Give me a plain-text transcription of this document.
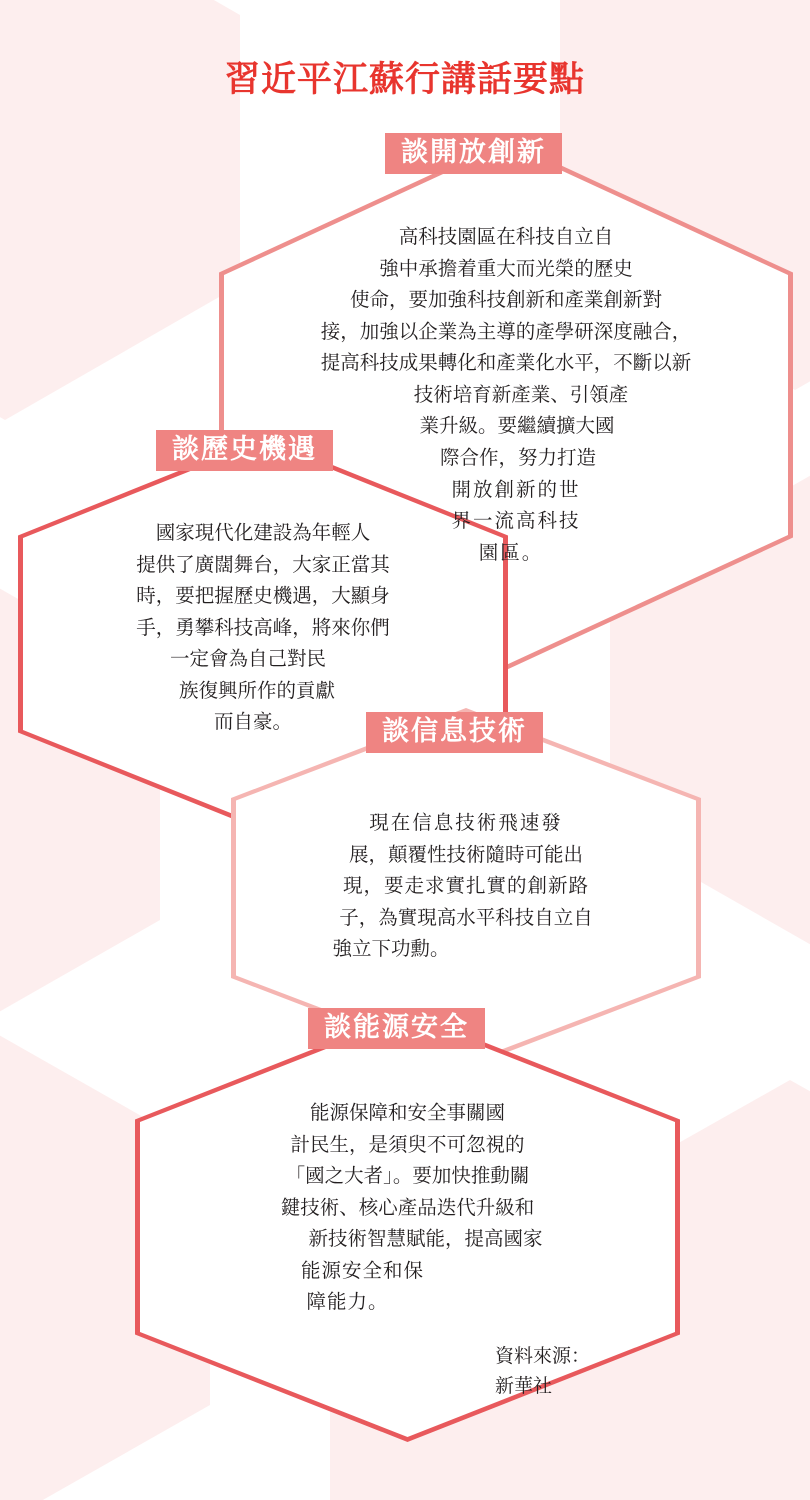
習近平江蘇行講話要點
談開放創新
高科技園區在科技自立自
強中承擔着重大而光榮的歷史
使命，要加強科技創新和產業創新對
接，加強以企業為主導的產學研深度融合，
提高科技成果轉化和產業化水平，不斷以新
技術培育新產業、引領產
業升級。要繼續擴大國
際合作，努力打造
開放創新的世
界一流高科技
園區。
談歷史機遇
國家現代化建設為年輕人
提供了廣闊舞台，大家正當其
時，要把握歷史機遇，大顯身
手，勇攀科技高峰，將來你們
一定會為自己對民
族復興所作的貢獻
而自豪。	談信息技術
現在信息技術飛速發
展，顛覆性技術隨時可能出
現，要走求實扎實的創新路
子，為實現高水平科技自立自
強立下功勳。
談能源安全
能源保障和安全事關國
計民生，是須臾不可忽視的
「國之大者」。要加快推動關
鍵技術、核心產品迭代升級和
新技術智慧賦能，提高國家
能源安全和保
障能力。
資料來源：
新華社
